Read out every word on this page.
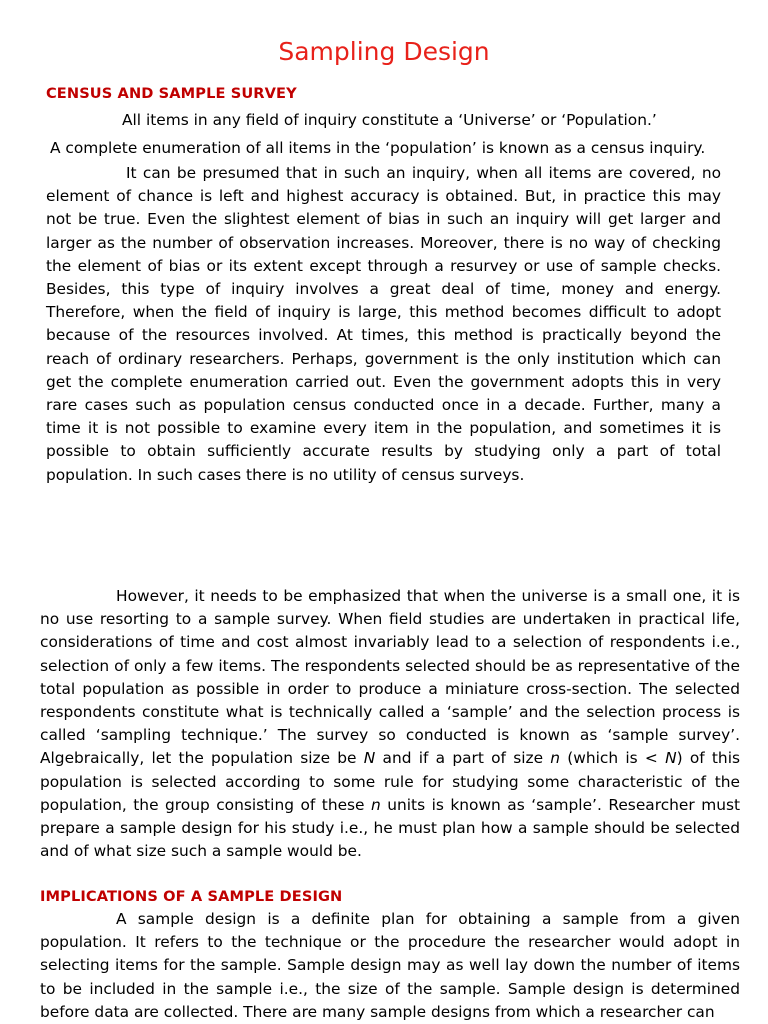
Sampling Design
CENSUS AND SAMPLE SURVEY
All items in any field of inquiry constitute a ‘Universe’ or ‘Population.’
A complete enumeration of all items in the ‘population’ is known as a census inquiry.
It can be presumed that in such an inquiry, when all items are covered, no element of chance is left and highest accuracy is obtained. But, in practice this may not be true. Even the slightest element of bias in such an inquiry will get larger and larger as the number of observation increases. Moreover, there is no way of checking the element of bias or its extent except through a resurvey or use of sample checks. Besides, this type of inquiry involves a great deal of time, money and energy. Therefore, when the field of inquiry is large, this method becomes difficult to adopt because of the resources involved. At times, this method is practically beyond the reach of ordinary researchers. Perhaps, government is the only institution which can get the complete enumeration carried out. Even the government adopts this in very rare cases such as population census conducted once in a decade. Further, many a time it is not possible to examine every item in the population, and sometimes it is possible to obtain sufficiently accurate results by studying only a part of total population. In such cases there is no utility of census surveys.
However, it needs to be emphasized that when the universe is a small one, it is no use resorting to a sample survey. When field studies are undertaken in practical life, considerations of time and cost almost invariably lead to a selection of respondents i.e., selection of only a few items. The respondents selected should be as representative of the total population as possible in order to produce a miniature cross-section. The selected respondents constitute what is technically called a ‘sample’ and the selection process is called ‘sampling technique.’ The survey so conducted is known as ‘sample survey’. Algebraically, let the population size be N and if a part of size n (which is < N) of this population is selected according to some rule for studying some characteristic of the population, the group consisting of these n units is known as ‘sample’. Researcher must prepare a sample design for his study i.e., he must plan how a sample should be selected and of what size such a sample would be.
IMPLICATIONS OF A SAMPLE DESIGN
A sample design is a definite plan for obtaining a sample from a given population. It refers to the technique or the procedure the researcher would adopt in selecting items for the sample. Sample design may as well lay down the number of items to be included in the sample i.e., the size of the sample. Sample design is determined before data are collected. There are many sample designs from which a researcher can
